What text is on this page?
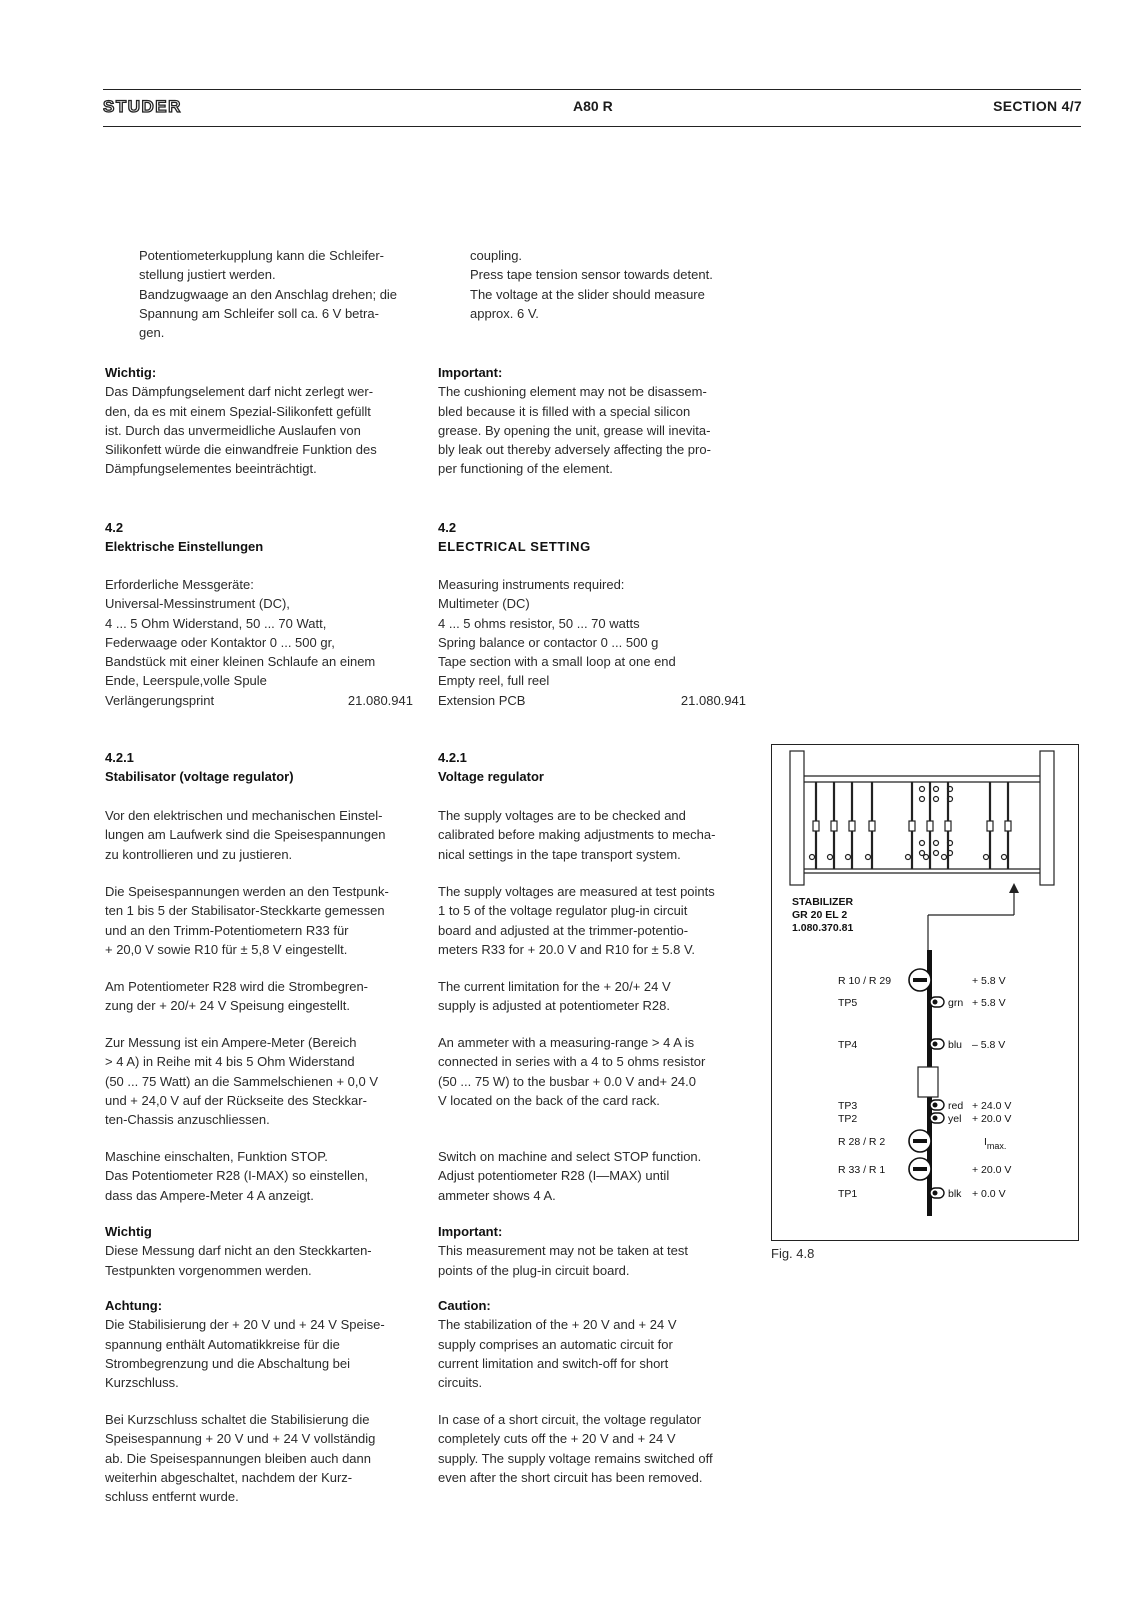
STUDER	A80 R	SECTION 4/7
Potentiometerkupplung kann die Schleifer-
stellung justiert werden.
Bandzugwaage an den Anschlag drehen; die
Spannung am Schleifer soll ca. 6 V betra-
gen.
Wichtig:
Das Dämpfungselement darf nicht zerlegt wer-
den, da es mit einem Spezial-Silikonfett gefüllt
ist. Durch das unvermeidliche Auslaufen von
Silikonfett würde die einwandfreie Funktion des
Dämpfungselementes beeinträchtigt.
4.2
Elektrische Einstellungen
Erforderliche Messgeräte:
Universal-Messinstrument (DC),
4 ... 5 Ohm Widerstand, 50 ... 70 Watt,
Federwaage oder Kontaktor 0 ... 500 gr,
Bandstück mit einer kleinen Schlaufe an einem
Ende, Leerspule,volle Spule
Verlängerungsprint	21.080.941
4.2.1
Stabilisator (voltage regulator)
Vor den elektrischen und mechanischen Einstel-
lungen am Laufwerk sind die Speisespannungen
zu kontrollieren und zu justieren.
Die Speisespannungen werden an den Testpunk-
ten 1 bis 5 der Stabilisator-Steckkarte gemessen
und an den Trimm-Potentiometern R33 für
+ 20,0 V sowie R10 für ± 5,8 V eingestellt.
Am Potentiometer R28 wird die Strombegren-
zung der + 20/+ 24 V Speisung eingestellt.
Zur Messung ist ein Ampere-Meter (Bereich
> 4 A) in Reihe mit 4 bis 5 Ohm Widerstand
(50 ... 75 Watt) an die Sammelschienen + 0,0 V
und + 24,0 V auf der Rückseite des Steckkar-
ten-Chassis anzuschliessen.
Maschine einschalten, Funktion STOP.
Das Potentiometer R28 (I-MAX) so einstellen,
dass das Ampere-Meter 4 A anzeigt.
Wichtig
Diese Messung darf nicht an den Steckkarten-
Testpunkten vorgenommen werden.
Achtung:
Die Stabilisierung der + 20 V und + 24 V Speise-
spannung enthält Automatikkreise für die
Strombegrenzung und die Abschaltung bei
Kurzschluss.
Bei Kurzschluss schaltet die Stabilisierung die
Speisespannung + 20 V und + 24 V vollständig
ab. Die Speisespannungen bleiben auch dann
weiterhin abgeschaltet, nachdem der Kurz-
schluss entfernt wurde.
coupling.
Press tape tension sensor towards detent.
The voltage at the slider should measure
approx. 6 V.
Important:
The cushioning element may not be disassem-
bled because it is filled with a special silicon
grease. By opening the unit, grease will inevita-
bly leak out thereby adversely affecting the pro-
per functioning of the element.
4.2
ELECTRICAL SETTING
Measuring instruments required:
Multimeter (DC)
4 ... 5 ohms resistor, 50 ... 70 watts
Spring balance or contactor 0 ... 500 g
Tape section with a small loop at one end
Empty reel, full reel
Extension PCB	21.080.941
4.2.1
Voltage regulator
The supply voltages are to be checked and
calibrated before making adjustments to mecha-
nical settings in the tape transport system.
The supply voltages are measured at test points
1 to 5 of the voltage regulator plug-in circuit
board and adjusted at the trimmer-potentio-
meters R33 for + 20.0 V and R10 for ± 5.8 V.
The current limitation for the + 20/+ 24 V
supply is adjusted at potentiometer R28.
An ammeter with a measuring-range > 4 A is
connected in series with a 4 to 5 ohms resistor
(50 ... 75 W) to the busbar + 0.0 V and+ 24.0
V located on the back of the card rack.
Switch on machine and select STOP function.
Adjust potentiometer R28 (I—MAX) until
ammeter shows 4 A.
Important:
This measurement may not be taken at test
points of the plug-in circuit board.
Caution:
The stabilization of the + 20 V and + 24 V
supply comprises an automatic circuit for
current limitation and switch-off for short
circuits.
In case of a short circuit, the voltage regulator
completely cuts off the + 20 V and + 24 V
supply. The supply voltage remains switched off
even after the short circuit has been removed.
STABILIZER
GR 20 EL 2
1.080.370.81
R 10 / R 29	+ 5.8 V
TP5	grn + 5.8 V
TP4	blu – 5.8 V
TP3	red + 24.0 V
TP2	yel + 20.0 V
R 28 / R 2	Imax.
R 33 / R 1	+ 20.0 V
TP1	blk + 0.0 V
Fig. 4.8
